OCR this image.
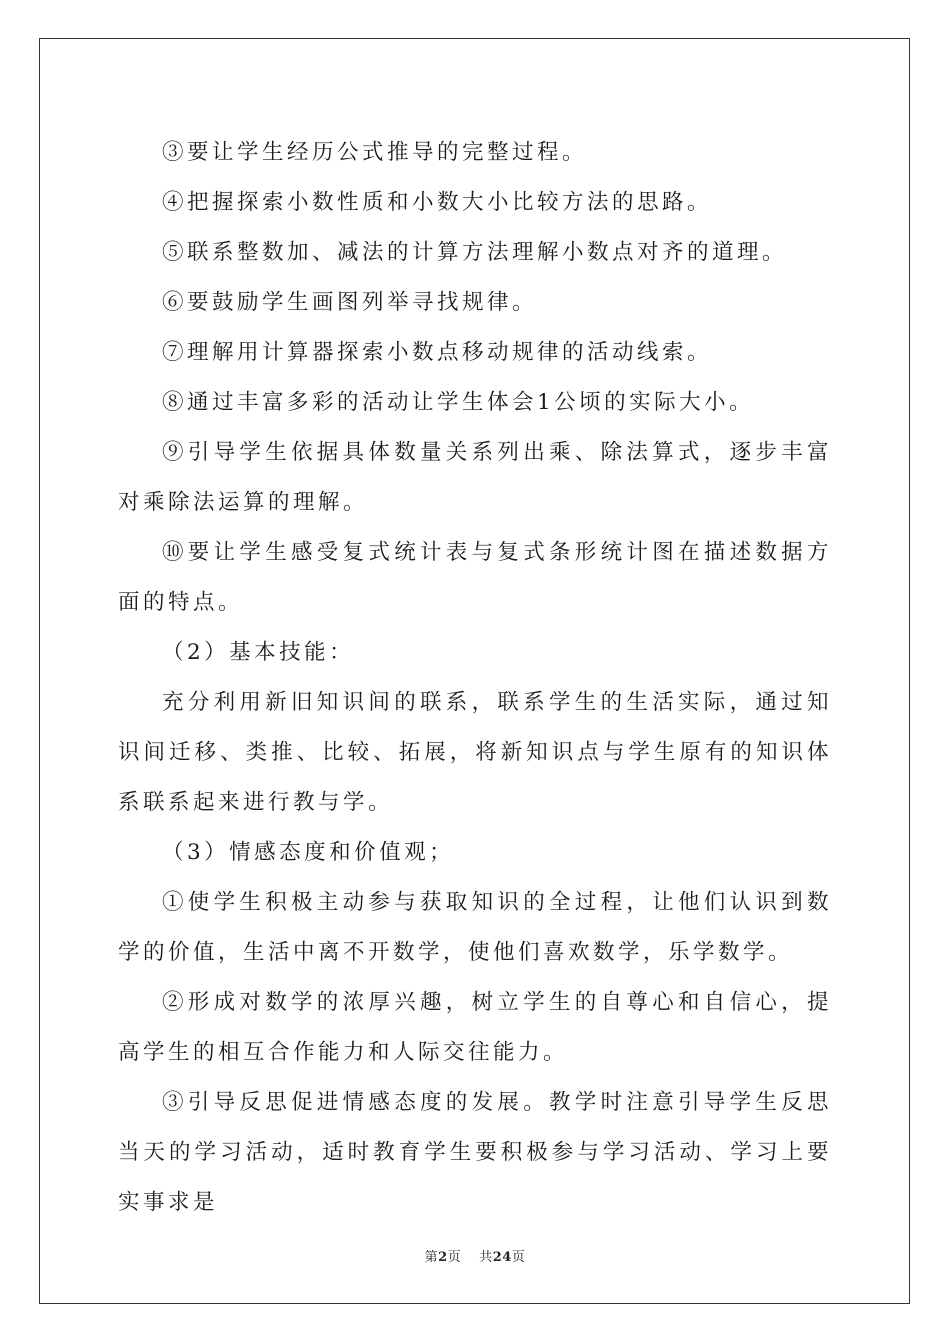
③要让学生经历公式推导的完整过程。

④把握探索小数性质和小数大小比较方法的思路。

⑤联系整数加、减法的计算方法理解小数点对齐的道理。

⑥要鼓励学生画图列举寻找规律。

⑦理解用计算器探索小数点移动规律的活动线索。

⑧通过丰富多彩的活动让学生体会1公顷的实际大小。

⑨引导学生依据具体数量关系列出乘、除法算式，逐步丰富对乘除法运算的理解。

⑩要让学生感受复式统计表与复式条形统计图在描述数据方面的特点。

（2）基本技能：

充分利用新旧知识间的联系，联系学生的生活实际，通过知识间迁移、类推、比较、拓展，将新知识点与学生原有的知识体系联系起来进行教与学。

（3）情感态度和价值观；

①使学生积极主动参与获取知识的全过程，让他们认识到数学的价值，生活中离不开数学，使他们喜欢数学，乐学数学。

②形成对数学的浓厚兴趣，树立学生的自尊心和自信心，提高学生的相互合作能力和人际交往能力。

③引导反思促进情感态度的发展。教学时注意引导学生反思当天的学习活动，适时教育学生要积极参与学习活动、学习上要实事求是

第2页 共24页
